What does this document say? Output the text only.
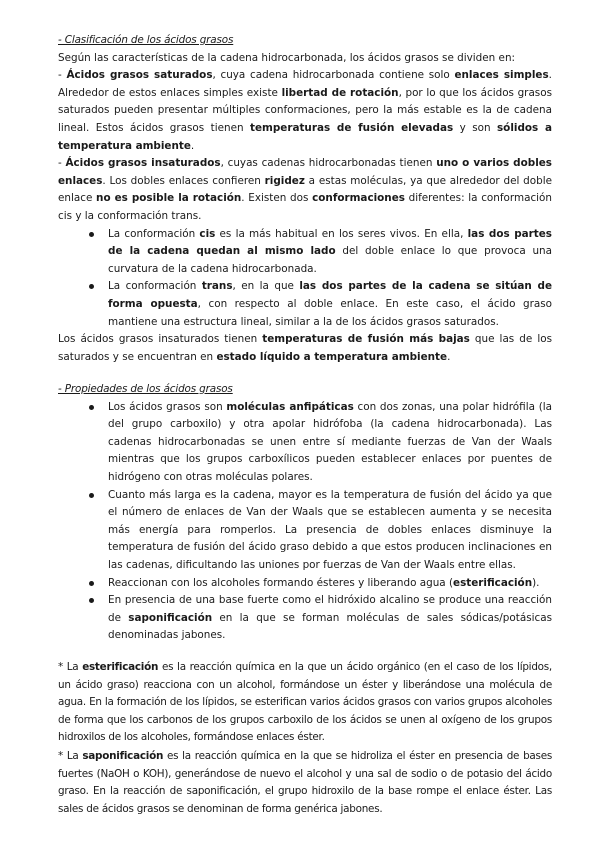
- Clasificación de los ácidos grasos

Según las características de la cadena hidrocarbonada, los ácidos grasos se dividen en:

- Ácidos grasos saturados, cuya cadena hidrocarbonada contiene solo enlaces simples. Alrededor de estos enlaces simples existe libertad de rotación, por lo que los ácidos grasos saturados pueden presentar múltiples conformaciones, pero la más estable es la de cadena lineal. Estos ácidos grasos tienen temperaturas de fusión elevadas y son sólidos a temperatura ambiente.

- Ácidos grasos insaturados, cuyas cadenas hidrocarbonadas tienen uno o varios dobles enlaces. Los dobles enlaces confieren rigidez a estas moléculas, ya que alrededor del doble enlace no es posible la rotación. Existen dos conformaciones diferentes: la conformación cis y la conformación trans.

La conformación cis es la más habitual en los seres vivos. En ella, las dos partes de la cadena quedan al mismo lado del doble enlace lo que provoca una curvatura de la cadena hidrocarbonada.
La conformación trans, en la que las dos partes de la cadena se sitúan de forma opuesta, con respecto al doble enlace. En este caso, el ácido graso mantiene una estructura lineal, similar a la de los ácidos grasos saturados.

Los ácidos grasos insaturados tienen temperaturas de fusión más bajas que las de los saturados y se encuentran en estado líquido a temperatura ambiente.

- Propiedades de los ácidos grasos

Los ácidos grasos son moléculas anfipáticas con dos zonas, una polar hidrófila (la del grupo carboxilo) y otra apolar hidrófoba (la cadena hidrocarbonada). Las cadenas hidrocarbonadas se unen entre sí mediante fuerzas de Van der Waals mientras que los grupos carboxílicos pueden establecer enlaces por puentes de hidrógeno con otras moléculas polares.
Cuanto más larga es la cadena, mayor es la temperatura de fusión del ácido ya que el número de enlaces de Van der Waals que se establecen aumenta y se necesita más energía para romperlos. La presencia de dobles enlaces disminuye la temperatura de fusión del ácido graso debido a que estos producen inclinaciones en las cadenas, dificultando las uniones por fuerzas de Van der Waals entre ellas.
Reaccionan con los alcoholes formando ésteres y liberando agua (esterificación).
En presencia de una base fuerte como el hidróxido alcalino se produce una reacción de saponificación en la que se forman moléculas de sales sódicas/potásicas denominadas jabones.

* La esterificación es la reacción química en la que un ácido orgánico (en el caso de los lípidos, un ácido graso) reacciona con un alcohol, formándose un éster y liberándose una molécula de agua. En la formación de los lípidos, se esterifican varios ácidos grasos con varios grupos alcoholes de forma que los carbonos de los grupos carboxilo de los ácidos se unen al oxígeno de los grupos hidroxilos de los alcoholes, formándose enlaces éster.

* La saponificación es la reacción química en la que se hidroliza el éster en presencia de bases fuertes (NaOH o KOH), generándose de nuevo el alcohol y una sal de sodio o de potasio del ácido graso. En la reacción de saponificación, el grupo hidroxilo de la base rompe el enlace éster. Las sales de ácidos grasos se denominan de forma genérica jabones.
